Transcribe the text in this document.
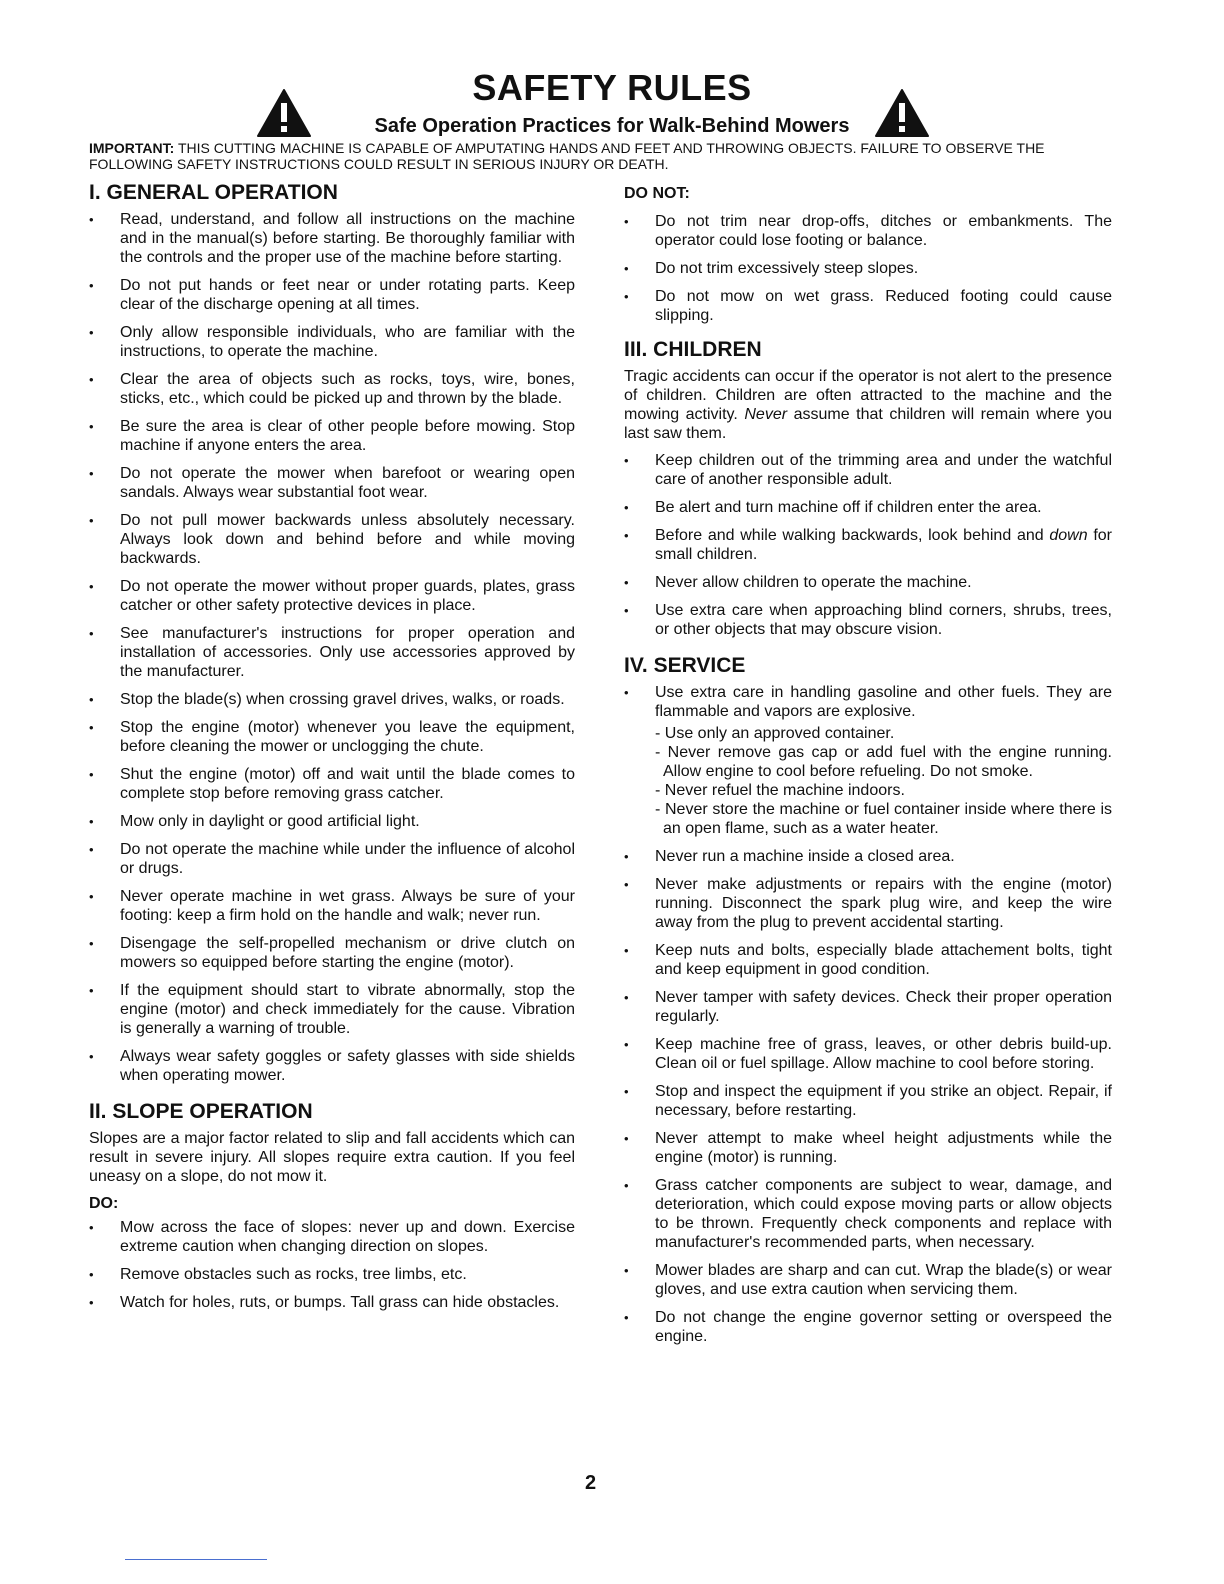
SAFETY RULES
Safe Operation Practices for Walk-Behind Mowers
IMPORTANT: THIS CUTTING MACHINE IS CAPABLE OF AMPUTATING HANDS AND FEET AND THROWING OBJECTS. FAILURE TO OBSERVE THE FOLLOWING SAFETY INSTRUCTIONS COULD RESULT IN SERIOUS INJURY OR DEATH.
I. GENERAL OPERATION
• Read, understand, and follow all instructions on the machine and in the manual(s) before starting. Be thoroughly familiar with the controls and the proper use of the machine before starting.
• Do not put hands or feet near or under rotating parts. Keep clear of the discharge opening at all times.
• Only allow responsible individuals, who are familiar with the instructions, to operate the machine.
• Clear the area of objects such as rocks, toys, wire, bones, sticks, etc., which could be picked up and thrown by the blade.
• Be sure the area is clear of other people before mowing. Stop machine if anyone enters the area.
• Do not operate the mower when barefoot or wearing open sandals. Always wear substantial foot wear.
• Do not pull mower backwards unless absolutely necessary. Always look down and behind before and while moving backwards.
• Do not operate the mower without proper guards, plates, grass catcher or other safety protective devices in place.
• See manufacturer's instructions for proper operation and installation of accessories. Only use accessories approved by the manufacturer.
• Stop the blade(s) when crossing gravel drives, walks, or roads.
• Stop the engine (motor) whenever you leave the equipment, before cleaning the mower or unclogging the chute.
• Shut the engine (motor) off and wait until the blade comes to complete stop before removing grass catcher.
• Mow only in daylight or good artificial light.
• Do not operate the machine while under the influence of alcohol or drugs.
• Never operate machine in wet grass. Always be sure of your footing: keep a firm hold on the handle and walk; never run.
• Disengage the self-propelled mechanism or drive clutch on mowers so equipped before starting the engine (motor).
• If the equipment should start to vibrate abnormally, stop the engine (motor) and check immediately for the cause. Vibration is generally a warning of trouble.
• Always wear safety goggles or safety glasses with side shields when operating mower.
II. SLOPE OPERATION

Slopes are a major factor related to slip and fall accidents which can result in severe injury. All slopes require extra caution. If you feel uneasy on a slope, do not mow it.

DO:
• Mow across the face of slopes: never up and down. Exercise extreme caution when changing direction on slopes.
• Remove obstacles such as rocks, tree limbs, etc.
• Watch for holes, ruts, or bumps. Tall grass can hide obstacles.
DO NOT:
• Do not trim near drop-offs, ditches or embankments. The operator could lose footing or balance.
• Do not trim excessively steep slopes.
• Do not mow on wet grass. Reduced footing could cause slipping.
III. CHILDREN

Tragic accidents can occur if the operator is not alert to the presence of children. Children are often attracted to the machine and the mowing activity. Never assume that children will remain where you last saw them.

• Keep children out of the trimming area and under the watchful care of another responsible adult.
• Be alert and turn machine off if children enter the area.
• Before and while walking backwards, look behind and down for small children.
• Never allow children to operate the machine.
• Use extra care when approaching blind corners, shrubs, trees, or other objects that may obscure vision.
IV. SERVICE
• Use extra care in handling gasoline and other fuels. They are flammable and vapors are explosive.
- Use only an approved container.
- Never remove gas cap or add fuel with the engine running. Allow engine to cool before refueling. Do not smoke.
- Never refuel the machine indoors.
- Never store the machine or fuel container inside where there is an open flame, such as a water heater.
• Never run a machine inside a closed area.
• Never make adjustments or repairs with the engine (motor) running. Disconnect the spark plug wire, and keep the wire away from the plug to prevent accidental starting.
• Keep nuts and bolts, especially blade attachement bolts, tight and keep equipment in good condition.
• Never tamper with safety devices. Check their proper operation regularly.
• Keep machine free of grass, leaves, or other debris build-up. Clean oil or fuel spillage. Allow machine to cool before storing.
• Stop and inspect the equipment if you strike an object. Repair, if necessary, before restarting.
• Never attempt to make wheel height adjustments while the engine (motor) is running.
• Grass catcher components are subject to wear, damage, and deterioration, which could expose moving parts or allow objects to be thrown. Frequently check components and replace with manufacturer's recommended parts, when necessary.
• Mower blades are sharp and can cut. Wrap the blade(s) or wear gloves, and use extra caution when servicing them.
• Do not change the engine governor setting or overspeed the engine.
2
